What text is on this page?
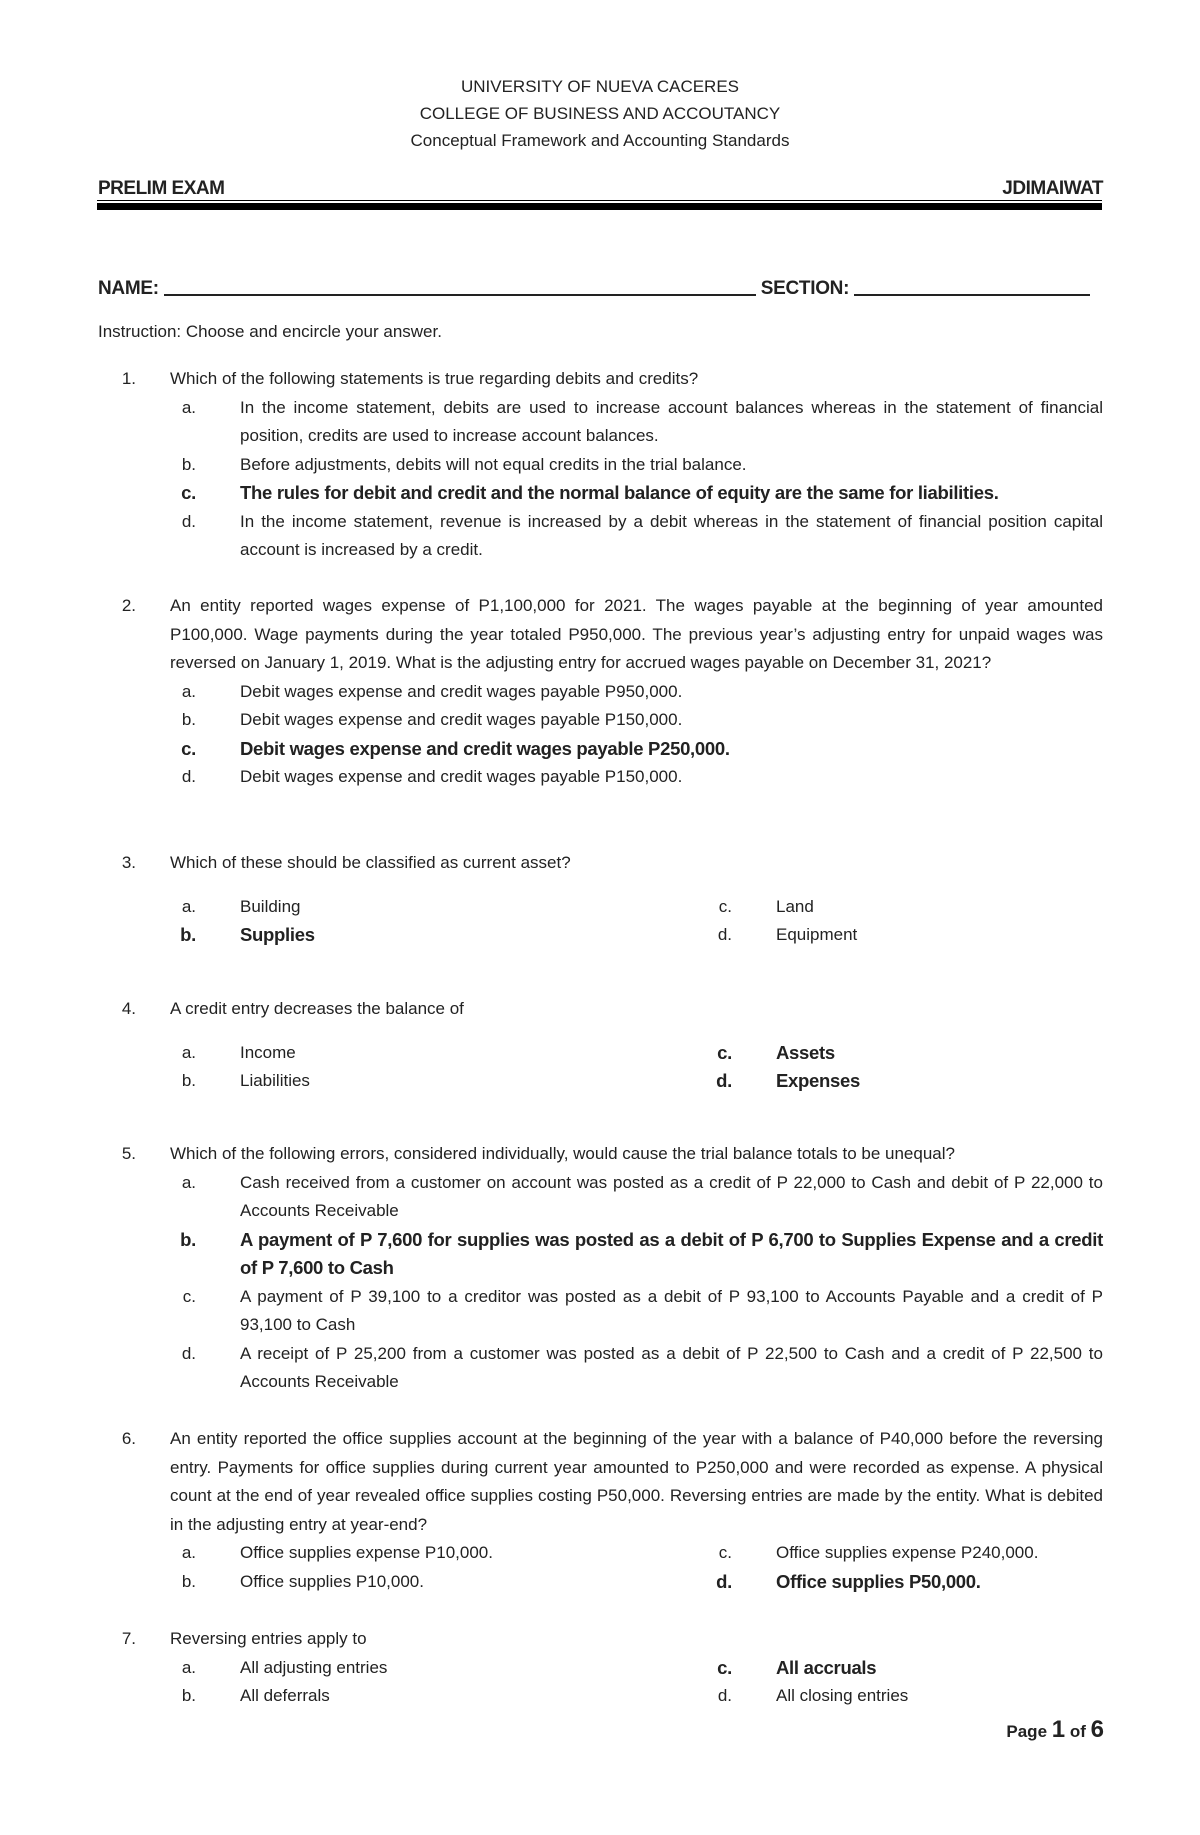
UNIVERSITY OF NUEVA CACERES
COLLEGE OF BUSINESS AND ACCOUTANCY
Conceptual Framework and Accounting Standards
PRELIM EXAM	JDIMAIWAT
NAME:	SECTION:
Instruction: Choose and encircle your answer.
1. Which of the following statements is true regarding debits and credits?
a.	In the income statement, debits are used to increase account balances whereas in the statement of financial position, credits are used to increase account balances.
b.	Before adjustments, debits will not equal credits in the trial balance.
c. The rules for debit and credit and the normal balance of equity are the same for liabilities.
d.	In the income statement, revenue is increased by a debit whereas in the statement of financial position capital account is increased by a credit.
2. An entity reported wages expense of P1,100,000 for 2021. The wages payable at the beginning of year amounted P100,000. Wage payments during the year totaled P950,000. The previous year’s adjusting entry for unpaid wages was reversed on January 1, 2019. What is the adjusting entry for accrued wages payable on December 31, 2021?
a.	Debit wages expense and credit wages payable P950,000.
b.	Debit wages expense and credit wages payable P150,000.
c. Debit wages expense and credit wages payable P250,000.
d.	Debit wages expense and credit wages payable P150,000.
3. Which of these should be classified as current asset?
a.	Building	c.	Land
b. Supplies	d.	Equipment
4. A credit entry decreases the balance of
a.	Income	c. Assets
b.	Liabilities	d. Expenses
5. Which of the following errors, considered individually, would cause the trial balance totals to be unequal?
a.	Cash received from a customer on account was posted as a credit of P 22,000 to Cash and debit of P 22,000 to Accounts Receivable
b. A payment of P 7,600 for supplies was posted as a debit of P 6,700 to Supplies Expense and a credit of P 7,600 to Cash
c.	A payment of P 39,100 to a creditor was posted as a debit of P 93,100 to Accounts Payable and a credit of P 93,100 to Cash
d.	A receipt of P 25,200 from a customer was posted as a debit of P 22,500 to Cash and a credit of P 22,500 to Accounts Receivable
6. An entity reported the office supplies account at the beginning of the year with a balance of P40,000 before the reversing entry. Payments for office supplies during current year amounted to P250,000 and were recorded as expense. A physical count at the end of year revealed office supplies costing P50,000. Reversing entries are made by the entity. What is debited in the adjusting entry at year-end?
a.	Office supplies expense P10,000.	c.	Office supplies expense P240,000.
b.	Office supplies P10,000.	d. Office supplies P50,000.
7. Reversing entries apply to
a.	All adjusting entries	c. All accruals
b.	All deferrals	d.	All closing entries
Page 1 of 6
